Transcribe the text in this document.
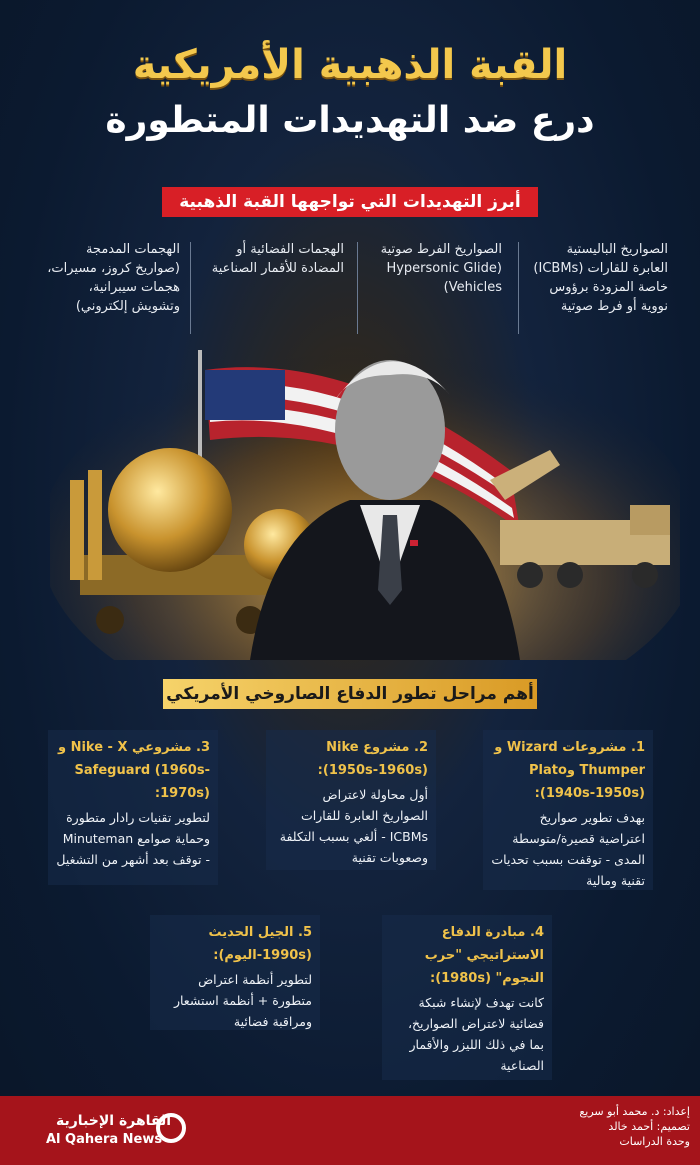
القبة الذهبية الأمريكية
درع ضد التهديدات المتطورة
أبرز التهديدات التي تواجهها القبة الذهبية
الصواريخ الباليستية العابرة للقارات (ICBMs) خاصة المزودة برؤوس نووية أو فرط صوتية
الصواريخ الفرط صوتية (Hypersonic Glide Vehicles)
الهجمات الفضائية أو المضادة للأقمار الصناعية
الهجمات المدمجة (صواريخ كروز، مسيرات، هجمات سيبرانية، وتشويش إلكتروني)
أهم مراحل تطور الدفاع الصاروخي الأمريكي
1. مشروعات Wizard و Thumper وPlato (1940s-1950s):
بهدف تطوير صواريخ اعتراضية قصيرة/متوسطة المدى - توقفت بسبب تحديات تقنية ومالية
2. مشروع Nike (1950s-1960s):
أول محاولة لاعتراض الصواريخ العابرة للقارات ICBMs - ألغي بسبب التكلفة وصعوبات تقنية
3. مشروعي Nike - X و Safeguard (1960s-1970s):
لتطوير تقنيات رادار متطورة وحماية صوامع Minuteman - توقف بعد أشهر من التشغيل
4. مبادرة الدفاع الاستراتيجي "حرب النجوم" (1980s):
كانت تهدف لإنشاء شبكة فضائية لاعتراض الصواريخ، بما في ذلك الليزر والأقمار الصناعية
5. الجيل الحديث (1990s-اليوم):
لتطوير أنظمة اعتراض متطورة + أنظمة استشعار ومراقبة فضائية
إعداد: د. محمد أبو سريع
تصميم: أحمد خالد
وحدة الدراسات
القاهرة الإخبارية
Al Qahera News
